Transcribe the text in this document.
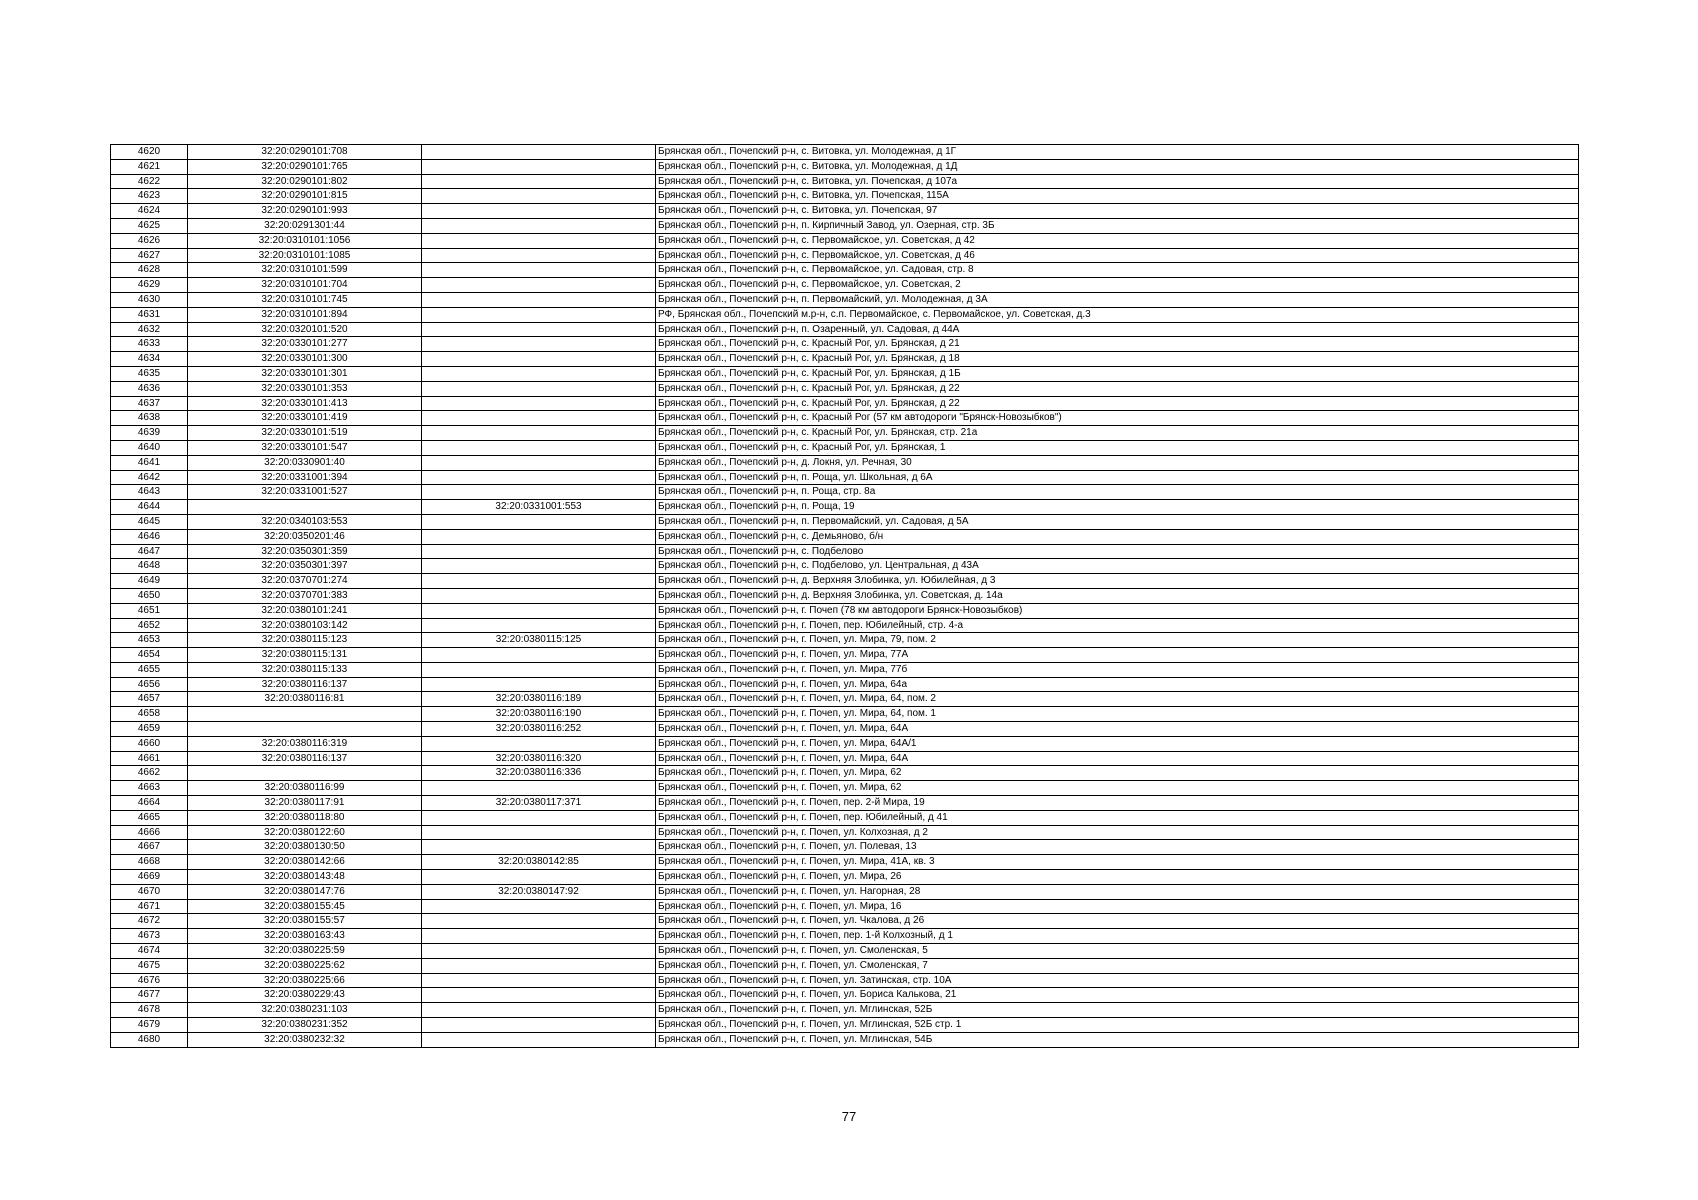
4620	32:20:0290101:708		Брянская обл., Почепский р-н, с. Витовка, ул. Молодежная, д 1Г
4621	32:20:0290101:765		Брянская обл., Почепский р-н, с. Витовка, ул. Молодежная, д 1Д
4622	32:20:0290101:802		Брянская обл., Почепский р-н, с. Витовка, ул. Почепская, д 107а
4623	32:20:0290101:815		Брянская обл., Почепский р-н, с. Витовка, ул. Почепская, 115А
4624	32:20:0290101:993		Брянская обл., Почепский р-н, с. Витовка, ул. Почепская, 97
4625	32:20:0291301:44		Брянская обл., Почепский р-н, п. Кирпичный Завод, ул. Озерная, стр. 3Б
4626	32:20:0310101:1056		Брянская обл., Почепский р-н, с. Первомайское, ул. Советская, д 42
4627	32:20:0310101:1085		Брянская обл., Почепский р-н, с. Первомайское, ул. Советская, д 46
4628	32:20:0310101:599		Брянская обл., Почепский р-н, с. Первомайское, ул. Садовая, стр. 8
4629	32:20:0310101:704		Брянская обл., Почепский р-н, с. Первомайское, ул. Советская, 2
4630	32:20:0310101:745		Брянская обл., Почепский р-н, п. Первомайский, ул. Молодежная, д 3А
4631	32:20:0310101:894		РФ, Брянская обл., Почепский м.р-н, с.п. Первомайское, с. Первомайское, ул. Советская, д.3
4632	32:20:0320101:520		Брянская обл., Почепский р-н, п. Озаренный, ул. Садовая, д 44А
4633	32:20:0330101:277		Брянская обл., Почепский р-н, с. Красный Рог, ул. Брянская, д 21
4634	32:20:0330101:300		Брянская обл., Почепский р-н, с. Красный Рог, ул. Брянская, д 18
4635	32:20:0330101:301		Брянская обл., Почепский р-н, с. Красный Рог, ул. Брянская, д 1Б
4636	32:20:0330101:353		Брянская обл., Почепский р-н, с. Красный Рог, ул. Брянская, д 22
4637	32:20:0330101:413		Брянская обл., Почепский р-н, с. Красный Рог, ул. Брянская, д 22
4638	32:20:0330101:419		Брянская обл., Почепский р-н, с. Красный Рог (57 км автодороги "Брянск-Новозыбков")
4639	32:20:0330101:519		Брянская обл., Почепский р-н, с. Красный Рог, ул. Брянская, стр. 21а
4640	32:20:0330101:547		Брянская обл., Почепский р-н, с. Красный Рог, ул. Брянская, 1
4641	32:20:0330901:40		Брянская обл., Почепский р-н, д. Локня, ул. Речная, 30
4642	32:20:0331001:394		Брянская обл., Почепский р-н, п. Роща, ул. Школьная, д 6А
4643	32:20:0331001:527		Брянская обл., Почепский р-н, п. Роща, стр. 8а
4644		32:20:0331001:553	Брянская обл., Почепский р-н, п. Роща, 19
4645	32:20:0340103:553		Брянская обл., Почепский р-н, п. Первомайский, ул. Садовая, д 5А
4646	32:20:0350201:46		Брянская обл., Почепский р-н, с. Демьяново, б/н
4647	32:20:0350301:359		Брянская обл., Почепский р-н, с. Подбелово
4648	32:20:0350301:397		Брянская обл., Почепский р-н, с. Подбелово, ул. Центральная, д 43А
4649	32:20:0370701:274		Брянская обл., Почепский р-н, д. Верхняя Злобинка, ул. Юбилейная, д 3
4650	32:20:0370701:383		Брянская обл., Почепский р-н, д. Верхняя Злобинка, ул. Советская, д. 14а
4651	32:20:0380101:241		Брянская обл., Почепский р-н, г. Почеп (78 км автодороги Брянск-Новозыбков)
4652	32:20:0380103:142		Брянская обл., Почепский р-н, г. Почеп, пер. Юбилейный, стр. 4-а
4653	32:20:0380115:123	32:20:0380115:125	Брянская обл., Почепский р-н, г. Почеп, ул. Мира, 79, пом. 2
4654	32:20:0380115:131		Брянская обл., Почепский р-н, г. Почеп, ул. Мира, 77А
4655	32:20:0380115:133		Брянская обл., Почепский р-н, г. Почеп, ул. Мира, 77б
4656	32:20:0380116:137		Брянская обл., Почепский р-н, г. Почеп, ул. Мира, 64а
4657	32:20:0380116:81	32:20:0380116:189	Брянская обл., Почепский р-н, г. Почеп, ул. Мира, 64, пом. 2
4658		32:20:0380116:190	Брянская обл., Почепский р-н, г. Почеп, ул. Мира, 64, пом. 1
4659		32:20:0380116:252	Брянская обл., Почепский р-н, г. Почеп, ул. Мира, 64А
4660	32:20:0380116:319		Брянская обл., Почепский р-н, г. Почеп, ул. Мира, 64А/1
4661	32:20:0380116:137	32:20:0380116:320	Брянская обл., Почепский р-н, г. Почеп, ул. Мира, 64А
4662		32:20:0380116:336	Брянская обл., Почепский р-н, г. Почеп, ул. Мира, 62
4663	32:20:0380116:99		Брянская обл., Почепский р-н, г. Почеп, ул. Мира, 62
4664	32:20:0380117:91	32:20:0380117:371	Брянская обл., Почепский р-н, г. Почеп, пер. 2-й Мира, 19
4665	32:20:0380118:80		Брянская обл., Почепский р-н, г. Почеп, пер. Юбилейный, д 41
4666	32:20:0380122:60		Брянская обл., Почепский р-н, г. Почеп, ул. Колхозная, д 2
4667	32:20:0380130:50		Брянская обл., Почепский р-н, г. Почеп, ул. Полевая, 13
4668	32:20:0380142:66	32:20:0380142:85	Брянская обл., Почепский р-н, г. Почеп, ул. Мира, 41А, кв. 3
4669	32:20:0380143:48		Брянская обл., Почепский р-н, г. Почеп, ул. Мира, 26
4670	32:20:0380147:76	32:20:0380147:92	Брянская обл., Почепский р-н, г. Почеп, ул. Нагорная, 28
4671	32:20:0380155:45		Брянская обл., Почепский р-н, г. Почеп, ул. Мира, 16
4672	32:20:0380155:57		Брянская обл., Почепский р-н, г. Почеп, ул. Чкалова, д 26
4673	32:20:0380163:43		Брянская обл., Почепский р-н, г. Почеп, пер. 1-й Колхозный, д 1
4674	32:20:0380225:59		Брянская обл., Почепский р-н, г. Почеп, ул. Смоленская, 5
4675	32:20:0380225:62		Брянская обл., Почепский р-н, г. Почеп, ул. Смоленская, 7
4676	32:20:0380225:66		Брянская обл., Почепский р-н, г. Почеп, ул. Затинская, стр. 10А
4677	32:20:0380229:43		Брянская обл., Почепский р-н, г. Почеп, ул. Бориса Калькова, 21
4678	32:20:0380231:103		Брянская обл., Почепский р-н, г. Почеп, ул. Мглинская, 52Б
4679	32:20:0380231:352		Брянская обл., Почепский р-н, г. Почеп, ул. Мглинская, 52Б стр. 1
4680	32:20:0380232:32		Брянская обл., Почепский р-н, г. Почеп, ул. Мглинская, 54Б
77
